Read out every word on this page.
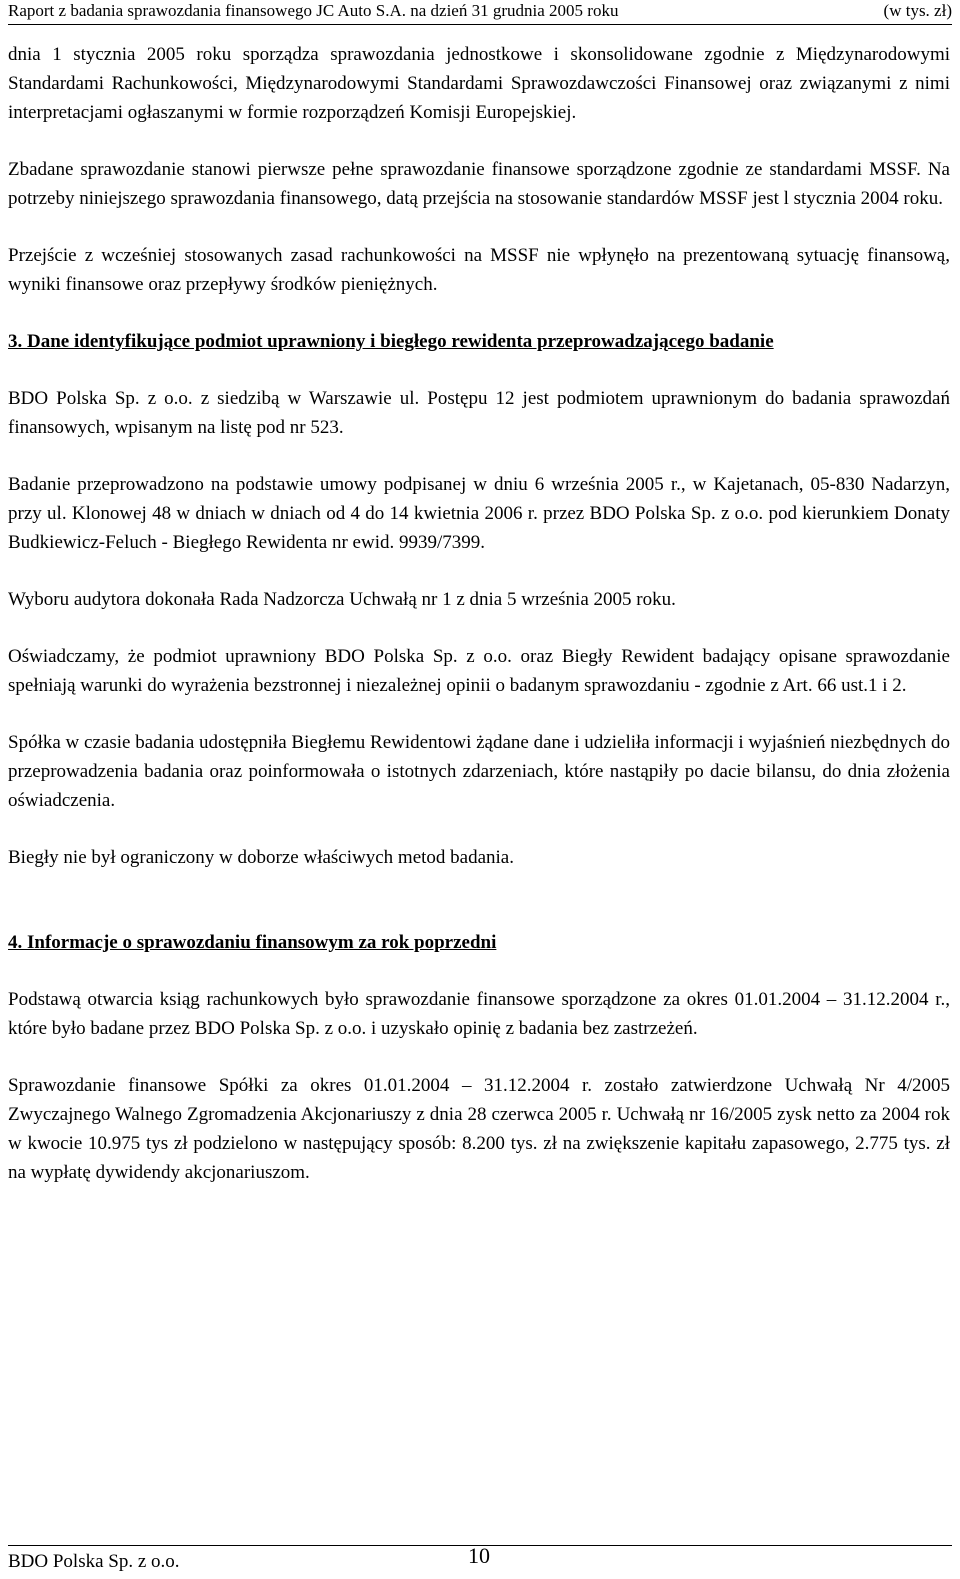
Raport z badania sprawozdania finansowego JC Auto S.A. na dzień 31 grudnia 2005 roku	(w tys. zł)

dnia 1 stycznia 2005 roku sporządza sprawozdania jednostkowe i skonsolidowane zgodnie z Międzynarodowymi Standardami Rachunkowości, Międzynarodowymi Standardami Sprawozdawczości Finansowej oraz związanymi z nimi interpretacjami ogłaszanymi w formie rozporządzeń Komisji Europejskiej.

Zbadane sprawozdanie stanowi pierwsze pełne sprawozdanie finansowe sporządzone zgodnie ze standardami MSSF. Na potrzeby niniejszego sprawozdania finansowego, datą przejścia na stosowanie standardów MSSF jest l stycznia 2004 roku.

Przejście z wcześniej stosowanych zasad rachunkowości na MSSF nie wpłynęło na prezentowaną sytuację finansową, wyniki finansowe oraz przepływy środków pieniężnych.

3. Dane identyfikujące podmiot uprawniony i biegłego rewidenta przeprowadzającego badanie

BDO Polska Sp. z o.o. z siedzibą w Warszawie ul. Postępu 12 jest podmiotem uprawnionym do badania sprawozdań finansowych, wpisanym na listę pod nr 523.

Badanie przeprowadzono na podstawie umowy podpisanej w dniu 6 września 2005 r., w Kajetanach, 05-830 Nadarzyn, przy ul. Klonowej 48 w dniach w dniach od 4 do 14 kwietnia 2006 r. przez BDO Polska Sp. z o.o. pod kierunkiem Donaty Budkiewicz-Feluch - Biegłego Rewidenta nr ewid. 9939/7399.

Wyboru audytora dokonała Rada Nadzorcza Uchwałą nr 1 z dnia 5 września 2005 roku.

Oświadczamy, że podmiot uprawniony BDO Polska Sp. z o.o. oraz Biegły Rewident badający opisane sprawozdanie spełniają warunki do wyrażenia bezstronnej i niezależnej opinii o badanym sprawozdaniu - zgodnie z Art. 66 ust.1 i 2.

Spółka w czasie badania udostępniła Biegłemu Rewidentowi żądane dane i udzieliła informacji i wyjaśnień niezbędnych do przeprowadzenia badania oraz poinformowała o istotnych zdarzeniach, które nastąpiły po dacie bilansu, do dnia złożenia oświadczenia.

Biegły nie był ograniczony w doborze właściwych metod badania.

4. Informacje o sprawozdaniu finansowym za rok poprzedni

Podstawą otwarcia ksiąg rachunkowych było sprawozdanie finansowe sporządzone za okres 01.01.2004 – 31.12.2004 r., które było badane przez BDO Polska Sp. z o.o. i uzyskało opinię z badania bez zastrzeżeń.

Sprawozdanie finansowe Spółki za okres 01.01.2004 – 31.12.2004 r. zostało zatwierdzone Uchwałą Nr 4/2005 Zwyczajnego Walnego Zgromadzenia Akcjonariuszy z dnia 28 czerwca 2005 r. Uchwałą nr 16/2005 zysk netto za 2004 rok w kwocie 10.975 tys zł podzielono w następujący sposób: 8.200 tys. zł na zwiększenie kapitału zapasowego, 2.775 tys. zł na wypłatę dywidendy akcjonariuszom.

BDO Polska Sp. z o.o.	10
